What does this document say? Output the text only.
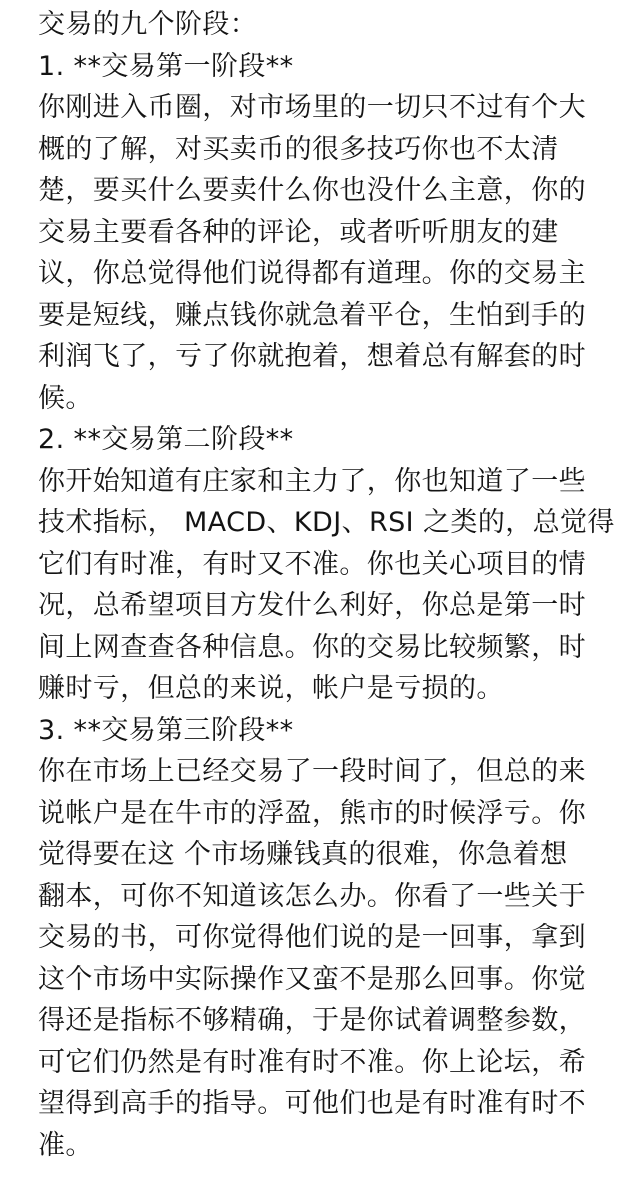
交易的九个阶段：
1. **交易第一阶段**
你刚进入币圈，对市场里的一切只不过有个大
概的了解，对买卖币的很多技巧你也不太清
楚，要买什么要卖什么你也没什么主意，你的
交易主要看各种的评论，或者听听朋友的建
议，你总觉得他们说得都有道理。你的交易主
要是短线，赚点钱你就急着平仓，生怕到手的
利润飞了，亏了你就抱着，想着总有解套的时
候。
2. **交易第二阶段**
你开始知道有庄家和主力了，你也知道了一些
技术指标， MACD、KDJ、RSI 之类的，总觉得
它们有时准，有时又不准。你也关心项目的情
况，总希望项目方发什么利好，你总是第一时
间上网查查各种信息。你的交易比较频繁，时
赚时亏，但总的来说，帐户是亏损的。
3. **交易第三阶段**
你在市场上已经交易了一段时间了，但总的来
说帐户是在牛市的浮盈，熊市的时候浮亏。你
觉得要在这 个市场赚钱真的很难，你急着想
翻本，可你不知道该怎么办。你看了一些关于
交易的书，可你觉得他们说的是一回事，拿到
这个市场中实际操作又蛮不是那么回事。你觉
得还是指标不够精确，于是你试着调整参数，
可它们仍然是有时准有时不准。你上论坛，希
望得到高手的指导。可他们也是有时准有时不
准。
